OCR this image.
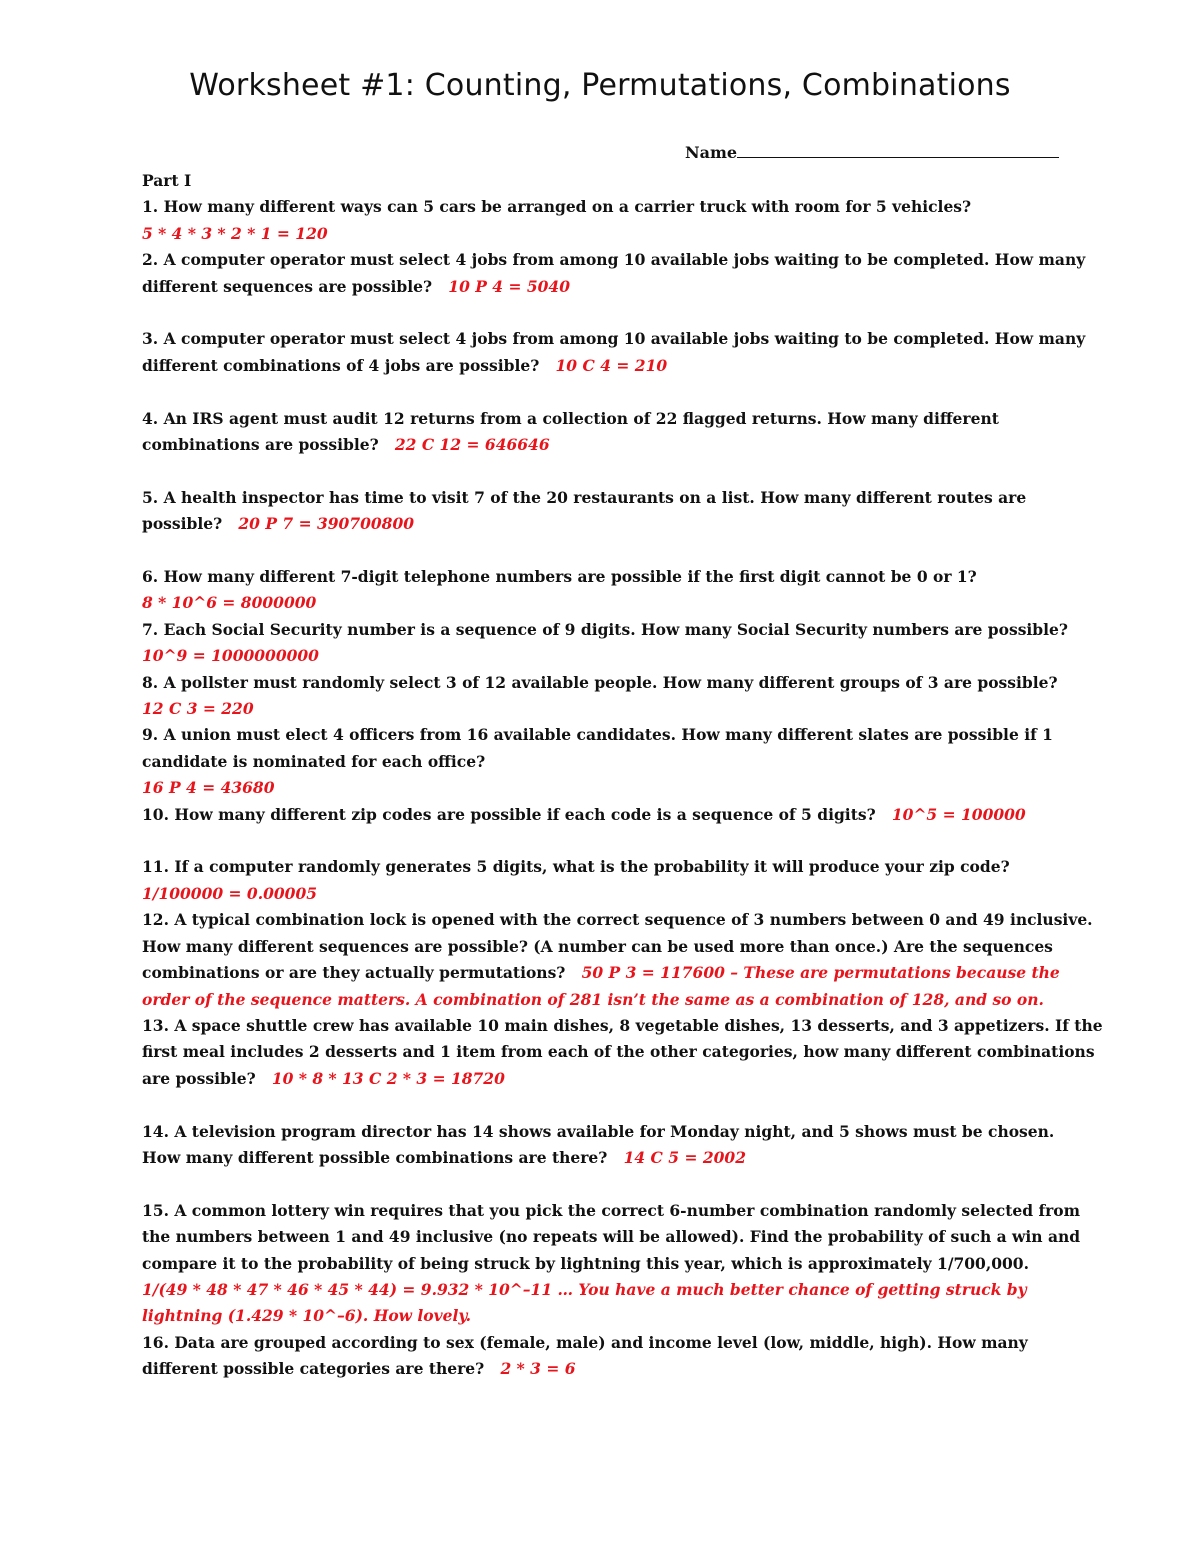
Worksheet #1: Counting, Permutations, Combinations
Name

Part I

1. How many different ways can 5 cars be arranged on a carrier truck with room for 5 vehicles?

5 * 4 * 3 * 2 * 1 = 120

2. A computer operator must select 4 jobs from among 10 available jobs waiting to be completed. How many

different sequences are possible? 10 P 4 = 5040

3. A computer operator must select 4 jobs from among 10 available jobs waiting to be completed. How many

different combinations of 4 jobs are possible? 10 C 4 = 210

4. An IRS agent must audit 12 returns from a collection of 22 flagged returns. How many different

combinations are possible? 22 C 12 = 646646

5. A health inspector has time to visit 7 of the 20 restaurants on a list. How many different routes are

possible? 20 P 7 = 390700800

6. How many different 7-digit telephone numbers are possible if the first digit cannot be 0 or 1?

8 * 10^6 = 8000000

7. Each Social Security number is a sequence of 9 digits. How many Social Security numbers are possible?

10^9 = 1000000000

8. A pollster must randomly select 3 of 12 available people. How many different groups of 3 are possible?

12 C 3 = 220

9. A union must elect 4 officers from 16 available candidates. How many different slates are possible if 1

candidate is nominated for each office?

16 P 4 = 43680

10. How many different zip codes are possible if each code is a sequence of 5 digits? 10^5 = 100000

11. If a computer randomly generates 5 digits, what is the probability it will produce your zip code?

1/100000 = 0.00005

12. A typical combination lock is opened with the correct sequence of 3 numbers between 0 and 49 inclusive.

How many different sequences are possible? (A number can be used more than once.) Are the sequences

combinations or are they actually permutations? 50 P 3 = 117600 – These are permutations because the

order of the sequence matters. A combination of 281 isn’t the same as a combination of 128, and so on.

13. A space shuttle crew has available 10 main dishes, 8 vegetable dishes, 13 desserts, and 3 appetizers. If the

first meal includes 2 desserts and 1 item from each of the other categories, how many different combinations

are possible? 10 * 8 * 13 C 2 * 3 = 18720

14. A television program director has 14 shows available for Monday night, and 5 shows must be chosen.

How many different possible combinations are there? 14 C 5 = 2002

15. A common lottery win requires that you pick the correct 6-number combination randomly selected from

the numbers between 1 and 49 inclusive (no repeats will be allowed). Find the probability of such a win and

compare it to the probability of being struck by lightning this year, which is approximately 1/700,000.

1/(49 * 48 * 47 * 46 * 45 * 44) = 9.932 * 10^–11 … You have a much better chance of getting struck by

lightning (1.429 * 10^–6). How lovely.

16. Data are grouped according to sex (female, male) and income level (low, middle, high). How many

different possible categories are there? 2 * 3 = 6
